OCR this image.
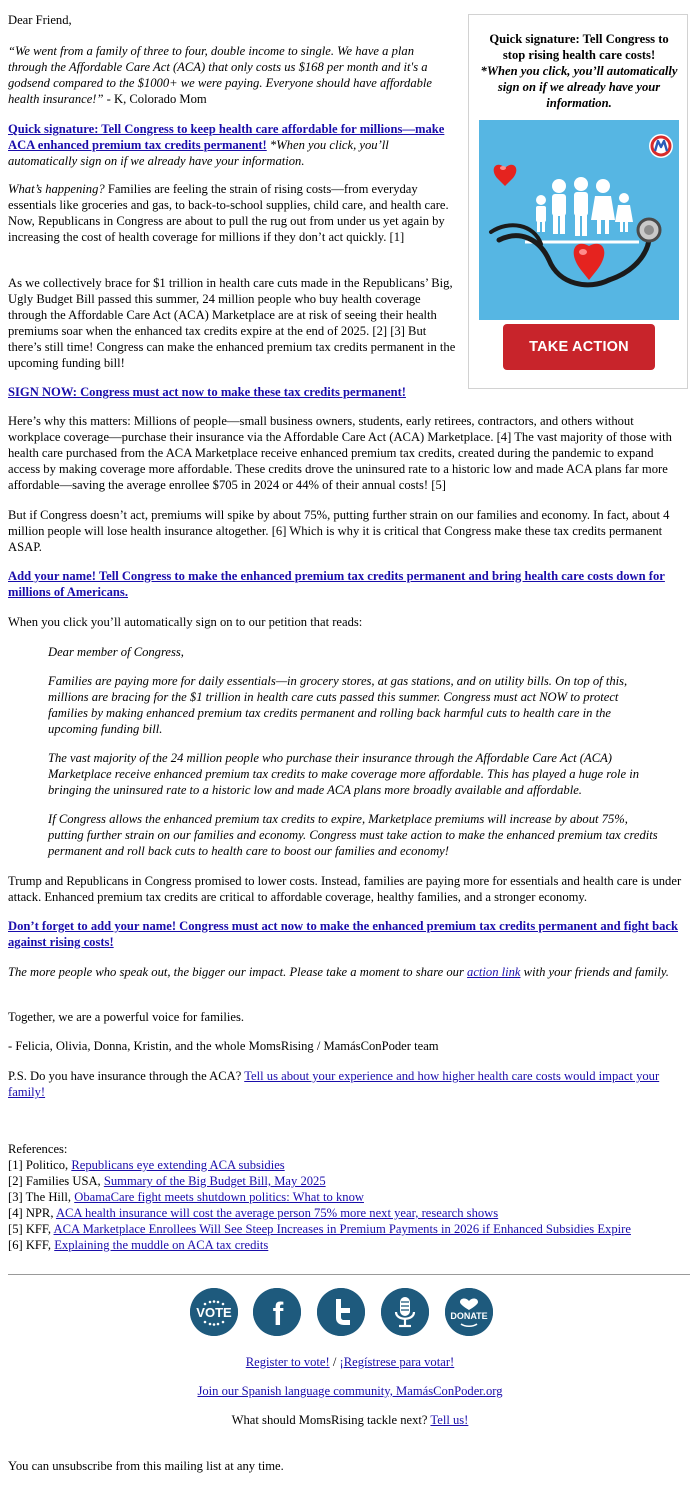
Dear Friend,

“We went from a family of three to four, double income to single. We have a plan through the Affordable Care Act (ACA) that only costs us $168 per month and it's a godsend compared to the $1000+ we were paying. Everyone should have affordable health insurance!” - K, Colorado Mom

Quick signature: Tell Congress to keep health care affordable for millions—make ACA enhanced premium tax credits permanent! *When you click, you’ll automatically sign on if we already have your information.

What’s happening? Families are feeling the strain of rising costs—from everyday essentials like groceries and gas, to back-to-school supplies, child care, and health care. Now, Republicans in Congress are about to pull the rug out from under us yet again by increasing the cost of health coverage for millions if they don’t act quickly. [1]

As we collectively brace for $1 trillion in health care cuts made in the Republicans’ Big, Ugly Budget Bill passed this summer, 24 million people who buy health coverage through the Affordable Care Act (ACA) Marketplace are at risk of seeing their health premiums soar when the enhanced tax credits expire at the end of 2025. [2] [3] But there’s still time! Congress can make the enhanced premium tax credits permanent in the upcoming funding bill!

SIGN NOW: Congress must act now to make these tax credits permanent!

Quick signature: Tell Congress to stop rising health care costs!
*When you click, you’ll automatically sign on if we already have your information.

TAKE ACTION

Here’s why this matters: Millions of people—small business owners, students, early retirees, contractors, and others without workplace coverage—purchase their insurance via the Affordable Care Act (ACA) Marketplace. [4] The vast majority of those with health care purchased from the ACA Marketplace receive enhanced premium tax credits, created during the pandemic to expand access by making coverage more affordable. These credits drove the uninsured rate to a historic low and made ACA plans far more affordable—saving the average enrollee $705 in 2024 or 44% of their annual costs! [5]

But if Congress doesn’t act, premiums will spike by about 75%, putting further strain on our families and economy. In fact, about 4 million people will lose health insurance altogether. [6] Which is why it is critical that Congress make these tax credits permanent ASAP.

Add your name! Tell Congress to make the enhanced premium tax credits permanent and bring health care costs down for millions of Americans.

When you click you’ll automatically sign on to our petition that reads:

Dear member of Congress,

Families are paying more for daily essentials—in grocery stores, at gas stations, and on utility bills. On top of this, millions are bracing for the $1 trillion in health care cuts passed this summer. Congress must act NOW to protect families by making enhanced premium tax credits permanent and rolling back harmful cuts to health care in the upcoming funding bill.

The vast majority of the 24 million people who purchase their insurance through the Affordable Care Act (ACA) Marketplace receive enhanced premium tax credits to make coverage more affordable. This has played a huge role in bringing the uninsured rate to a historic low and made ACA plans more broadly available and affordable.

If Congress allows the enhanced premium tax credits to expire, Marketplace premiums will increase by about 75%, putting further strain on our families and economy. Congress must take action to make the enhanced premium tax credits permanent and roll back cuts to health care to boost our families and economy!

Trump and Republicans in Congress promised to lower costs. Instead, families are paying more for essentials and health care is under attack. Enhanced premium tax credits are critical to affordable coverage, healthy families, and a stronger economy.

Don’t forget to add your name! Congress must act now to make the enhanced premium tax credits permanent and fight back against rising costs!

The more people who speak out, the bigger our impact. Please take a moment to share our action link with your friends and family.

Together, we are a powerful voice for families.

- Felicia, Olivia, Donna, Kristin, and the whole MomsRising / MamásConPoder team

P.S. Do you have insurance through the ACA? Tell us about your experience and how higher health care costs would impact your family!

References:
[1] Politico, Republicans eye extending ACA subsidies
[2] Families USA, Summary of the Big Budget Bill, May 2025
[3] The Hill, ObamaCare fight meets shutdown politics: What to know
[4] NPR, ACA health insurance will cost the average person 75% more next year, research shows
[5] KFF, ACA Marketplace Enrollees Will See Steep Increases in Premium Payments in 2026 if Enhanced Subsidies Expire
[6] KFF, Explaining the muddle on ACA tax credits
VOTE f	DONATE

Register to vote! / ¡Regístrese para votar!

Join our Spanish language community, MamásConPoder.org

What should MomsRising tackle next? Tell us!

You can unsubscribe from this mailing list at any time.
